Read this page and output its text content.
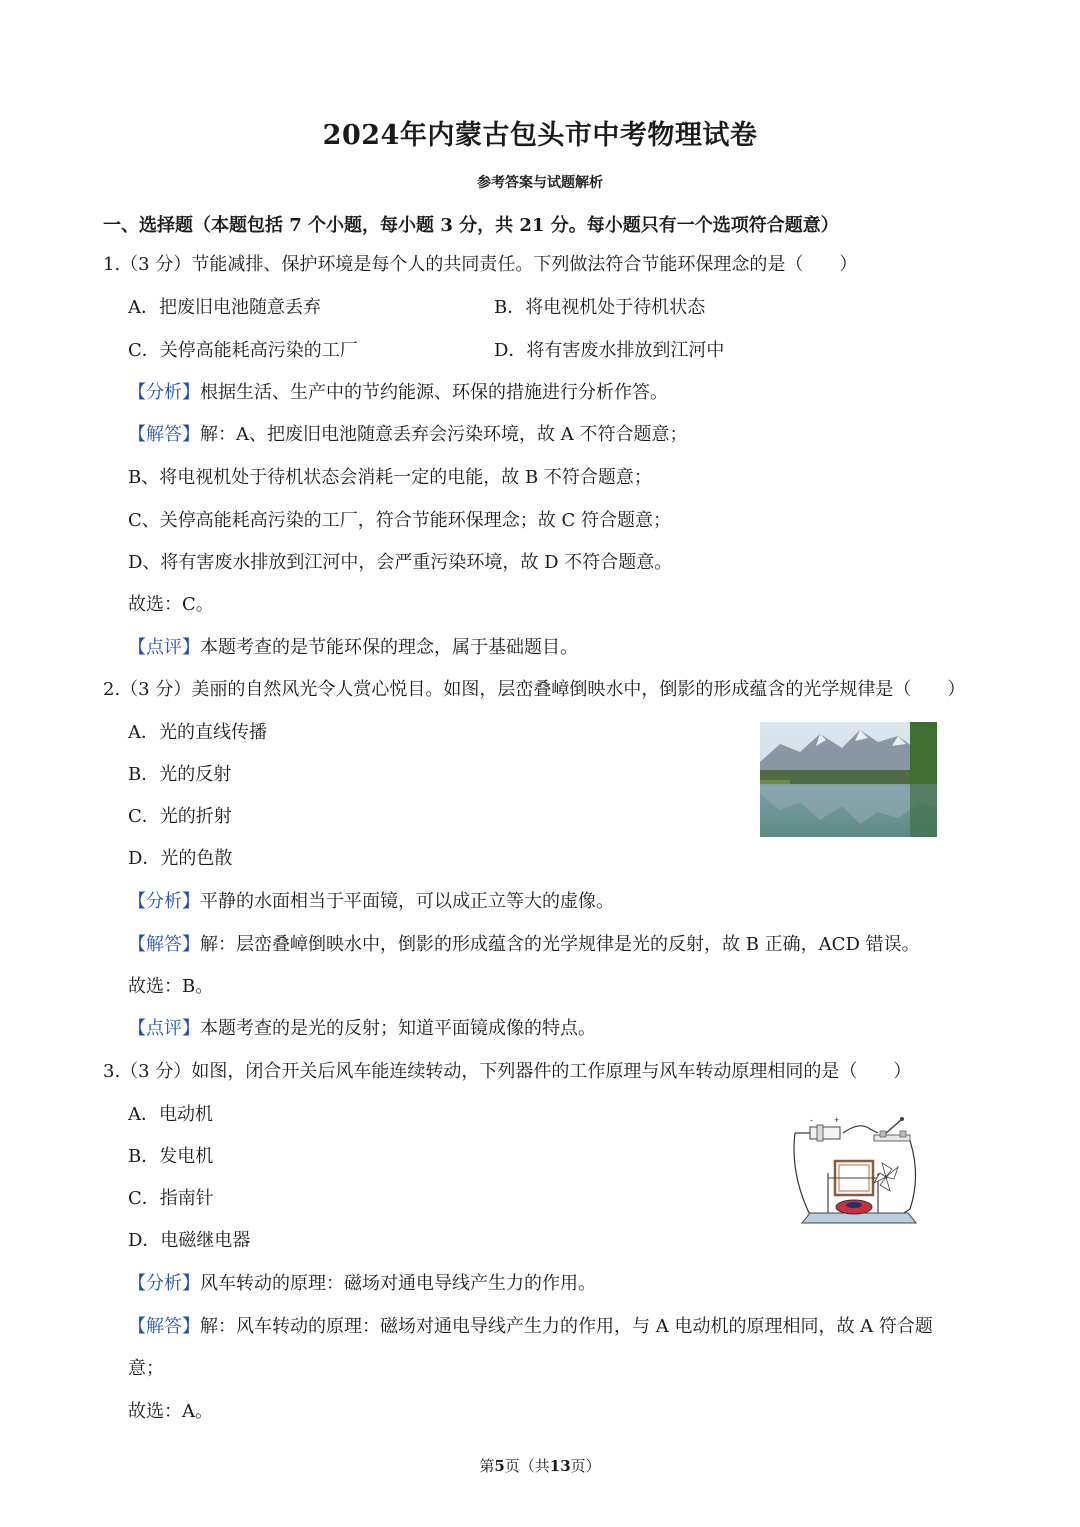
2024年内蒙古包头市中考物理试卷
参考答案与试题解析
一、选择题（本题包括 7 个小题，每小题 3 分，共 21 分。每小题只有一个选项符合题意）
1.（3 分）节能减排、保护环境是每个人的共同责任。下列做法符合节能环保理念的是（　　）
A．把废旧电池随意丢弃	B．将电视机处于待机状态
C．关停高能耗高污染的工厂	D．将有害废水排放到江河中
【分析】根据生活、生产中的节约能源、环保的措施进行分析作答。
【解答】解：A、把废旧电池随意丢弃会污染环境，故 A 不符合题意；
B、将电视机处于待机状态会消耗一定的电能，故 B 不符合题意；
C、关停高能耗高污染的工厂，符合节能环保理念；故 C 符合题意；
D、将有害废水排放到江河中，会严重污染环境，故 D 不符合题意。
故选：C。
【点评】本题考查的是节能环保的理念，属于基础题目。
2.（3 分）美丽的自然风光令人赏心悦目。如图，层峦叠嶂倒映水中，倒影的形成蕴含的光学规律是（　　）
A．光的直线传播
B．光的反射
C．光的折射
D．光的色散
【分析】平静的水面相当于平面镜，可以成正立等大的虚像。
【解答】解：层峦叠嶂倒映水中，倒影的形成蕴含的光学规律是光的反射，故 B 正确，ACD 错误。
故选：B。
【点评】本题考查的是光的反射；知道平面镜成像的特点。
3.（3 分）如图，闭合开关后风车能连续转动，下列器件的工作原理与风车转动原理相同的是（　　）
A．电动机
B．发电机
C．指南针
D．电磁继电器
- +
【分析】风车转动的原理：磁场对通电导线产生力的作用。
【解答】解：风车转动的原理：磁场对通电导线产生力的作用，与 A 电动机的原理相同，故 A 符合题
意；
故选：A。
第5页（共13页）
